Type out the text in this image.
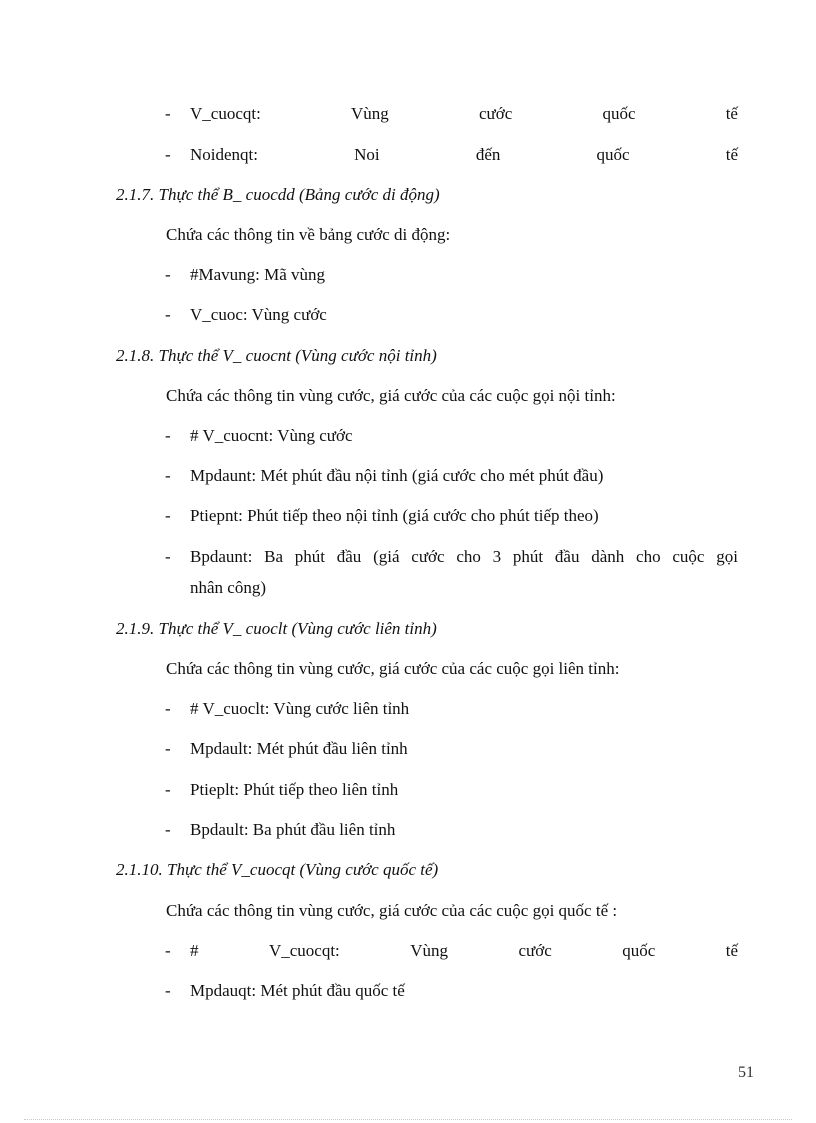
- V_cuocqt:	Vùng	cước	quốc	tế
- Noidenqt:	Noi	đến	quốc	tế
2.1.7. Thực thể B_ cuocdd (Bảng cước di động)
Chứa các thông tin về bảng cước di động:
- #Mavung: Mã vùng
- V_cuoc: Vùng cước
2.1.8. Thực thể V_ cuocnt (Vùng cước nội tỉnh)
Chứa các thông tin vùng cước, giá cước của các cuộc gọi nội tỉnh:
- # V_cuocnt: Vùng cước
- Mpdaunt: Mét phút đầu nội tỉnh (giá cước cho mét phút đầu)
- Ptiepnt: Phút tiếp theo nội tỉnh (giá cước cho phút tiếp theo)
- Bpdaunt: Ba phút đầu (giá cước cho 3 phút đầu dành cho cuộc gọi
nhân công)
2.1.9. Thực thể V_ cuoclt (Vùng cước liên tỉnh)
Chứa các thông tin vùng cước, giá cước của các cuộc gọi liên tỉnh:
- # V_cuoclt: Vùng cước liên tỉnh
- Mpdault: Mét phút đầu liên tỉnh
- Ptieplt: Phút tiếp theo liên tỉnh
- Bpdault: Ba phút đầu liên tỉnh
2.1.10. Thực thể V_cuocqt (Vùng cước quốc tế)
Chứa các thông tin vùng cước, giá cước của các cuộc gọi quốc tế :
- #	V_cuocqt:	Vùng	cước	quốc	tế
- Mpdauqt: Mét phút đầu quốc tế
51
